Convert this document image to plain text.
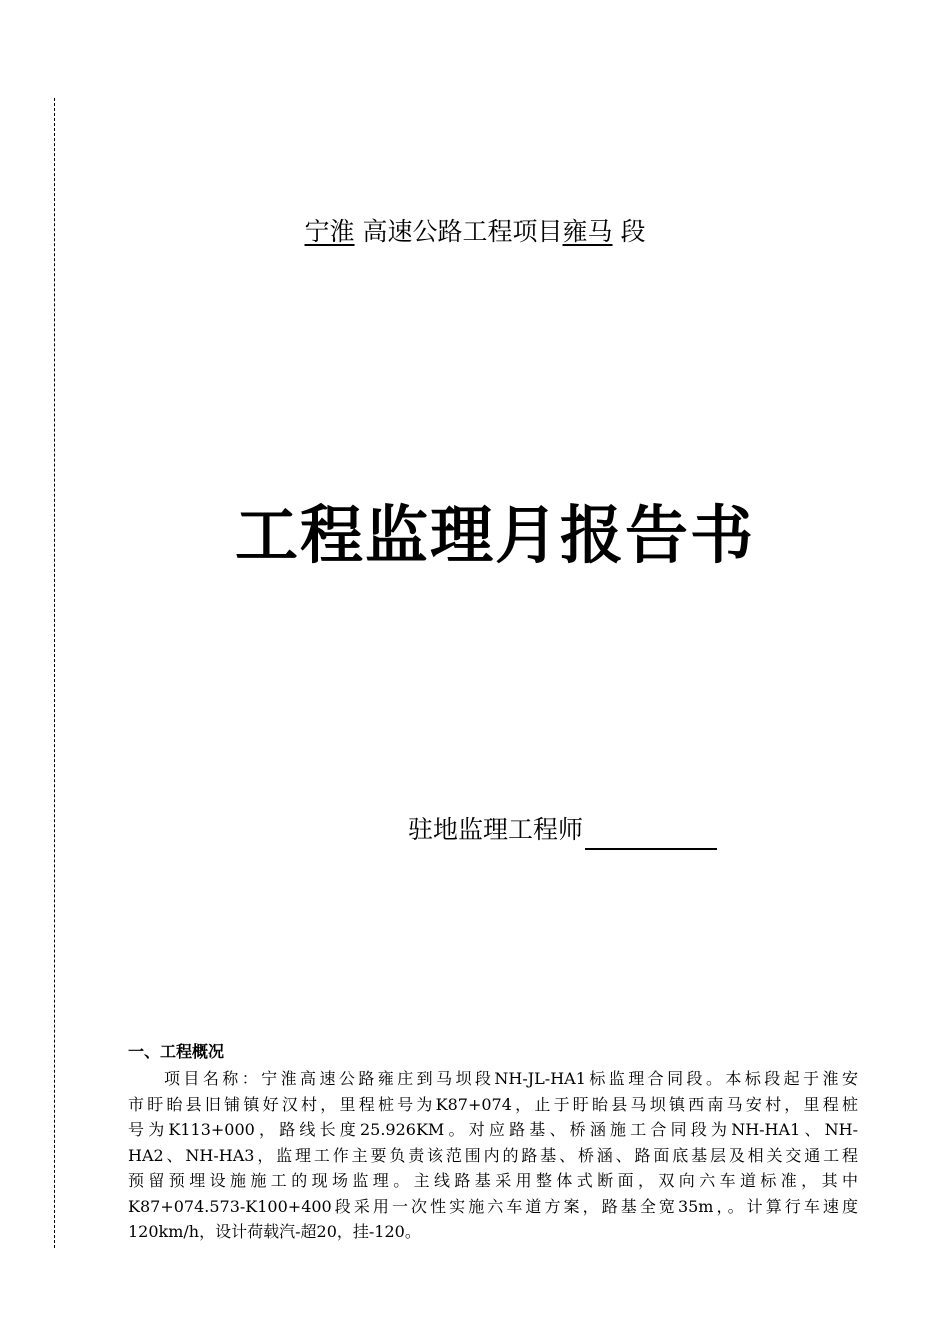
宁淮 高速公路工程项目雍马 段
工程监理月报告书
驻地监理工程师
一、工程概况
项目名称：宁淮高速公路雍庄到马坝段NH-JL-HA1标监理合同段。本标段起于淮安
市盱眙县旧铺镇好汉村，里程桩号为K87+074，止于盱眙县马坝镇西南马安村，里程桩
号为K113+000，路线长度25.926KM。对应路基、桥涵施工合同段为NH-HA1、NH-
HA2、NH-HA3，监理工作主要负责该范围内的路基、桥涵、路面底基层及相关交通工程
预留预埋设施施工的现场监理。主线路基采用整体式断面，双向六车道标准，其中
K87+074.573-K100+400段采用一次性实施六车道方案，路基全宽35m，。计算行车速度
120km/h，设计荷载汽-超20，挂-120。
